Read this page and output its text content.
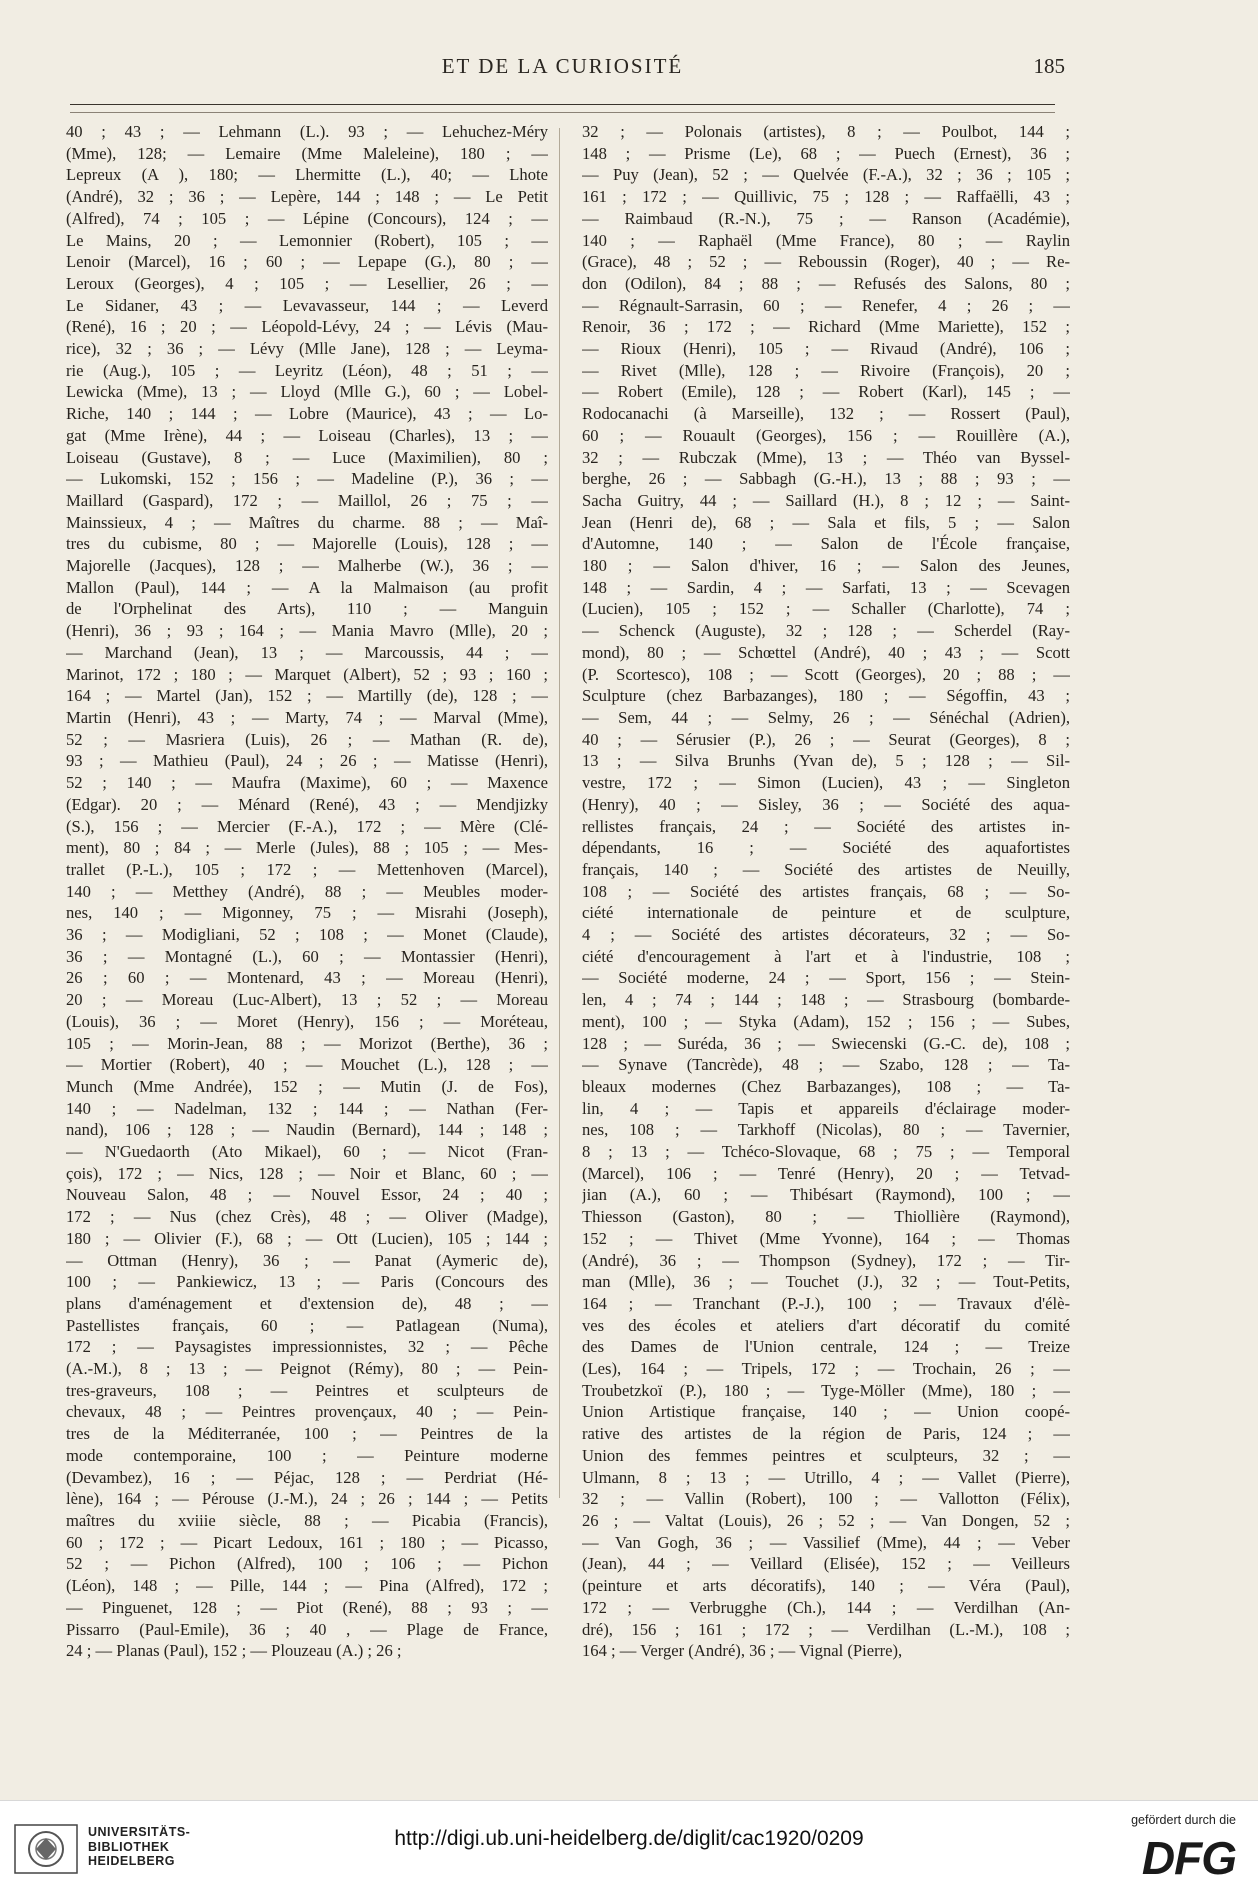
ET DE LA CURIOSITÉ	185
40 ; 43 ; — Lehmann (L.). 93 ; — Lehuchez-Méry
(Mme), 128; — Lemaire (Mme Maleleine), 180 ; —
Lepreux (A ), 180; — Lhermitte (L.), 40; — Lhote
(André), 32 ; 36 ; — Lepère, 144 ; 148 ; — Le Petit
(Alfred), 74 ; 105 ; — Lépine (Concours), 124 ; —
Le Mains, 20 ; — Lemonnier (Robert), 105 ; —
Lenoir (Marcel), 16 ; 60 ; — Lepape (G.), 80 ; —
Leroux (Georges), 4 ; 105 ; — Lesellier, 26 ; —
Le Sidaner, 43 ; — Levavasseur, 144 ; — Leverd
(René), 16 ; 20 ; — Léopold-Lévy, 24 ; — Lévis (Mau-
rice), 32 ; 36 ; — Lévy (Mlle Jane), 128 ; — Leyma-
rie (Aug.), 105 ; — Leyritz (Léon), 48 ; 51 ; —
Lewicka (Mme), 13 ; — Lloyd (Mlle G.), 60 ; — Lobel-
Riche, 140 ; 144 ; — Lobre (Maurice), 43 ; — Lo-
gat (Mme Irène), 44 ; — Loiseau (Charles), 13 ; —
Loiseau (Gustave), 8 ; — Luce (Maximilien), 80 ;
— Lukomski, 152 ; 156 ; — Madeline (P.), 36 ; —
Maillard (Gaspard), 172 ; — Maillol, 26 ; 75 ; —
Mainssieux, 4 ; — Maîtres du charme. 88 ; — Maî-
tres du cubisme, 80 ; — Majorelle (Louis), 128 ; —
Majorelle (Jacques), 128 ; — Malherbe (W.), 36 ; —
Mallon (Paul), 144 ; — A la Malmaison (au profit
de l'Orphelinat des Arts), 110 ; — Manguin
(Henri), 36 ; 93 ; 164 ; — Mania Mavro (Mlle), 20 ;
— Marchand (Jean), 13 ; — Marcoussis, 44 ; —
Marinot, 172 ; 180 ; — Marquet (Albert), 52 ; 93 ; 160 ;
164 ; — Martel (Jan), 152 ; — Martilly (de), 128 ; —
Martin (Henri), 43 ; — Marty, 74 ; — Marval (Mme),
52 ; — Masriera (Luis), 26 ; — Mathan (R. de),
93 ; — Mathieu (Paul), 24 ; 26 ; — Matisse (Henri),
52 ; 140 ; — Maufra (Maxime), 60 ; — Maxence
(Edgar). 20 ; — Ménard (René), 43 ; — Mendjizky
(S.), 156 ; — Mercier (F.-A.), 172 ; — Mère (Clé-
ment), 80 ; 84 ; — Merle (Jules), 88 ; 105 ; — Mes-
trallet (P.-L.), 105 ; 172 ; — Mettenhoven (Marcel),
140 ; — Metthey (André), 88 ; — Meubles moder-
nes, 140 ; — Migonney, 75 ; — Misrahi (Joseph),
36 ; — Modigliani, 52 ; 108 ; — Monet (Claude),
36 ; — Montagné (L.), 60 ; — Montassier (Henri),
26 ; 60 ; — Montenard, 43 ; — Moreau (Henri),
20 ; — Moreau (Luc-Albert), 13 ; 52 ; — Moreau
(Louis), 36 ; — Moret (Henry), 156 ; — Moréteau,
105 ; — Morin-Jean, 88 ; — Morizot (Berthe), 36 ;
— Mortier (Robert), 40 ; — Mouchet (L.), 128 ; —
Munch (Mme Andrée), 152 ; — Mutin (J. de Fos),
140 ; — Nadelman, 132 ; 144 ; — Nathan (Fer-
nand), 106 ; 128 ; — Naudin (Bernard), 144 ; 148 ;
— N'Guedaorth (Ato Mikael), 60 ; — Nicot (Fran-
çois), 172 ; — Nics, 128 ; — Noir et Blanc, 60 ; —
Nouveau Salon, 48 ; — Nouvel Essor, 24 ; 40 ;
172 ; — Nus (chez Crès), 48 ; — Oliver (Madge),
180 ; — Olivier (F.), 68 ; — Ott (Lucien), 105 ; 144 ;
— Ottman (Henry), 36 ; — Panat (Aymeric de),
100 ; — Pankiewicz, 13 ; — Paris (Concours des
plans d'aménagement et d'extension de), 48 ; —
Pastellistes français, 60 ; — Patlagean (Numa),
172 ; — Paysagistes impressionnistes, 32 ; — Pêche
(A.-M.), 8 ; 13 ; — Peignot (Rémy), 80 ; — Pein-
tres-graveurs, 108 ; — Peintres et sculpteurs de
chevaux, 48 ; — Peintres provençaux, 40 ; — Pein-
tres de la Méditerranée, 100 ; — Peintres de la
mode contemporaine, 100 ; — Peinture moderne
(Devambez), 16 ; — Péjac, 128 ; — Perdriat (Hé-
lène), 164 ; — Pérouse (J.-M.), 24 ; 26 ; 144 ; — Petits
maîtres du xviiie siècle, 88 ; — Picabia (Francis),
60 ; 172 ; — Picart Ledoux, 161 ; 180 ; — Picasso,
52 ; — Pichon (Alfred), 100 ; 106 ; — Pichon
(Léon), 148 ; — Pille, 144 ; — Pina (Alfred), 172 ;
— Pinguenet, 128 ; — Piot (René), 88 ; 93 ; —
Pissarro (Paul-Emile), 36 ; 40 , — Plage de France,
24 ; — Planas (Paul), 152 ; — Plouzeau (A.) ; 26 ;
32 ; — Polonais (artistes), 8 ; — Poulbot, 144 ;
148 ; — Prisme (Le), 68 ; — Puech (Ernest), 36 ;
— Puy (Jean), 52 ; — Quelvée (F.-A.), 32 ; 36 ; 105 ;
161 ; 172 ; — Quillivic, 75 ; 128 ; — Raffaëlli, 43 ;
— Raimbaud (R.-N.), 75 ; — Ranson (Académie),
140 ; — Raphaël (Mme France), 80 ; — Raylin
(Grace), 48 ; 52 ; — Reboussin (Roger), 40 ; — Re-
don (Odilon), 84 ; 88 ; — Refusés des Salons, 80 ;
— Régnault-Sarrasin, 60 ; — Renefer, 4 ; 26 ; —
Renoir, 36 ; 172 ; — Richard (Mme Mariette), 152 ;
— Rioux (Henri), 105 ; — Rivaud (André), 106 ;
— Rivet (Mlle), 128 ; — Rivoire (François), 20 ;
— Robert (Emile), 128 ; — Robert (Karl), 145 ; —
Rodocanachi (à Marseille), 132 ; — Rossert (Paul),
60 ; — Rouault (Georges), 156 ; — Rouillère (A.),
32 ; — Rubczak (Mme), 13 ; — Théo van Byssel-
berghe, 26 ; — Sabbagh (G.-H.), 13 ; 88 ; 93 ; —
Sacha Guitry, 44 ; — Saillard (H.), 8 ; 12 ; — Saint-
Jean (Henri de), 68 ; — Sala et fils, 5 ; — Salon
d'Automne, 140 ; — Salon de l'École française,
180 ; — Salon d'hiver, 16 ; — Salon des Jeunes,
148 ; — Sardin, 4 ; — Sarfati, 13 ; — Scevagen
(Lucien), 105 ; 152 ; — Schaller (Charlotte), 74 ;
— Schenck (Auguste), 32 ; 128 ; — Scherdel (Ray-
mond), 80 ; — Schœttel (André), 40 ; 43 ; — Scott
(P. Scortesco), 108 ; — Scott (Georges), 20 ; 88 ; —
Sculpture (chez Barbazanges), 180 ; — Ségoffin, 43 ;
— Sem, 44 ; — Selmy, 26 ; — Sénéchal (Adrien),
40 ; — Sérusier (P.), 26 ; — Seurat (Georges), 8 ;
13 ; — Silva Brunhs (Yvan de), 5 ; 128 ; — Sil-
vestre, 172 ; — Simon (Lucien), 43 ; — Singleton
(Henry), 40 ; — Sisley, 36 ; — Société des aqua-
rellistes français, 24 ; — Société des artistes in-
dépendants, 16 ; — Société des aquafortistes
français, 140 ; — Société des artistes de Neuilly,
108 ; — Société des artistes français, 68 ; — So-
ciété internationale de peinture et de sculpture,
4 ; — Société des artistes décorateurs, 32 ; — So-
ciété d'encouragement à l'art et à l'industrie, 108 ;
— Société moderne, 24 ; — Sport, 156 ; — Stein-
len, 4 ; 74 ; 144 ; 148 ; — Strasbourg (bombarde-
ment), 100 ; — Styka (Adam), 152 ; 156 ; — Subes,
128 ; — Suréda, 36 ; — Swiecenski (G.-C. de), 108 ;
— Synave (Tancrède), 48 ; — Szabo, 128 ; — Ta-
bleaux modernes (Chez Barbazanges), 108 ; — Ta-
lin, 4 ; — Tapis et appareils d'éclairage moder-
nes, 108 ; — Tarkhoff (Nicolas), 80 ; — Tavernier,
8 ; 13 ; — Tchéco-Slovaque, 68 ; 75 ; — Temporal
(Marcel), 106 ; — Tenré (Henry), 20 ; — Tetvad-
jian (A.), 60 ; — Thibésart (Raymond), 100 ; —
Thiesson (Gaston), 80 ; — Thiollière (Raymond),
152 ; — Thivet (Mme Yvonne), 164 ; — Thomas
(André), 36 ; — Thompson (Sydney), 172 ; — Tir-
man (Mlle), 36 ; — Touchet (J.), 32 ; — Tout-Petits,
164 ; — Tranchant (P.-J.), 100 ; — Travaux d'élè-
ves des écoles et ateliers d'art décoratif du comité
des Dames de l'Union centrale, 124 ; — Treize
(Les), 164 ; — Tripels, 172 ; — Trochain, 26 ; —
Troubetzkoï (P.), 180 ; — Tyge-Möller (Mme), 180 ; —
Union Artistique française, 140 ; — Union coopé-
rative des artistes de la région de Paris, 124 ; —
Union des femmes peintres et sculpteurs, 32 ; —
Ulmann, 8 ; 13 ; — Utrillo, 4 ; — Vallet (Pierre),
32 ; — Vallin (Robert), 100 ; — Vallotton (Félix),
26 ; — Valtat (Louis), 26 ; 52 ; — Van Dongen, 52 ;
— Van Gogh, 36 ; — Vassilief (Mme), 44 ; — Veber
(Jean), 44 ; — Veillard (Elisée), 152 ; — Veilleurs
(peinture et arts décoratifs), 140 ; — Véra (Paul),
172 ; — Verbrugghe (Ch.), 144 ; — Verdilhan (An-
dré), 156 ; 161 ; 172 ; — Verdilhan (L.-M.), 108 ;
164 ; — Verger (André), 36 ; — Vignal (Pierre),
UNIVERSITÄTS-
BIBLIOTHEK
HEIDELBERG
http://digi.ub.uni-heidelberg.de/diglit/cac1920/0209
gefördert durch die
DFG
